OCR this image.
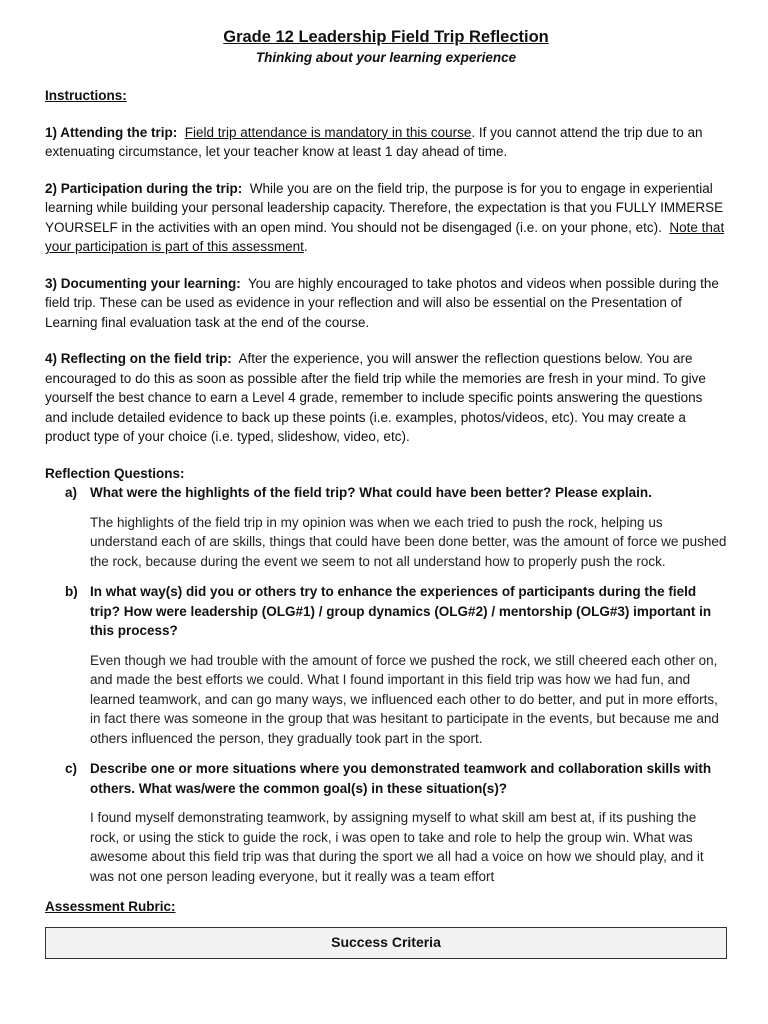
Grade 12 Leadership Field Trip Reflection

Thinking about your learning experience

Instructions:

1) Attending the trip: Field trip attendance is mandatory in this course. If you cannot attend the trip due to an extenuating circumstance, let your teacher know at least 1 day ahead of time.

2) Participation during the trip: While you are on the field trip, the purpose is for you to engage in experiential learning while building your personal leadership capacity. Therefore, the expectation is that you FULLY IMMERSE YOURSELF in the activities with an open mind. You should not be disengaged (i.e. on your phone, etc). Note that your participation is part of this assessment.

3) Documenting your learning: You are highly encouraged to take photos and videos when possible during the field trip. These can be used as evidence in your reflection and will also be essential on the Presentation of Learning final evaluation task at the end of the course.

4) Reflecting on the field trip: After the experience, you will answer the reflection questions below. You are encouraged to do this as soon as possible after the field trip while the memories are fresh in your mind. To give yourself the best chance to earn a Level 4 grade, remember to include specific points answering the questions and include detailed evidence to back up these points (i.e. examples, photos/videos, etc). You may create a product type of your choice (i.e. typed, slideshow, video, etc).

Reflection Questions:

a) What were the highlights of the field trip? What could have been better? Please explain.

The highlights of the field trip in my opinion was when we each tried to push the rock, helping us understand each of are skills, things that could have been done better, was the amount of force we pushed the rock, because during the event we seem to not all understand how to properly push the rock.

b) In what way(s) did you or others try to enhance the experiences of participants during the field trip? How were leadership (OLG#1) / group dynamics (OLG#2) / mentorship (OLG#3) important in this process?

Even though we had trouble with the amount of force we pushed the rock, we still cheered each other on, and made the best efforts we could. What I found important in this field trip was how we had fun, and learned teamwork, and can go many ways, we influenced each other to do better, and put in more efforts, in fact there was someone in the group that was hesitant to participate in the events, but because me and others influenced the person, they gradually took part in the sport.

c) Describe one or more situations where you demonstrated teamwork and collaboration skills with others. What was/were the common goal(s) in these situation(s)?

I found myself demonstrating teamwork, by assigning myself to what skill am best at, if its pushing the rock, or using the stick to guide the rock, i was open to take and role to help the group win. What was awesome about this field trip was that during the sport we all had a voice on how we should play, and it was not one person leading everyone, but it really was a team effort

Assessment Rubric:

Success Criteria
